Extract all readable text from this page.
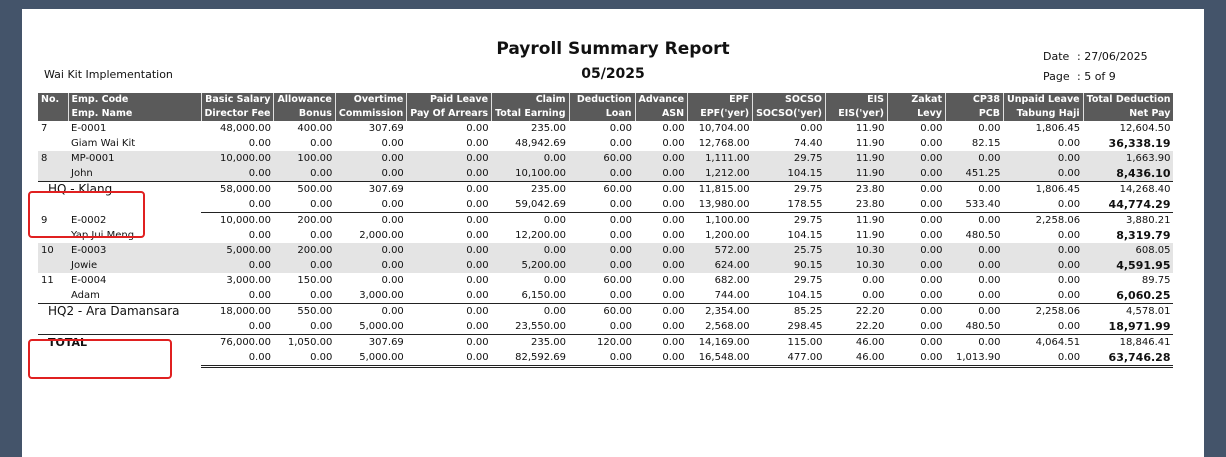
Payroll Summary Report
05/2025
Wai Kit Implementation
Date : 27/06/2025
Page : 5 of 9
No.	Emp. Code	Basic Salary	Allowance	Overtime	Paid Leave	Claim	Deduction	Advance	EPF	SOCSO	EIS	Zakat	CP38	Unpaid Leave	Total Deduction
	Emp. Name	Director Fee	Bonus	Commission	Pay Of Arrears	Total Earning	Loan	ASN	EPF('yer)	SOCSO('yer)	EIS('yer)	Levy	PCB	Tabung Haji	Net Pay
7	E-0001	48,000.00	400.00	307.69	0.00	235.00	0.00	0.00	10,704.00	0.00	11.90	0.00	0.00	1,806.45	12,604.50
	Giam Wai Kit	0.00	0.00	0.00	0.00	48,942.69	0.00	0.00	12,768.00	74.40	11.90	0.00	82.15	0.00	36,338.19
8	MP-0001	10,000.00	100.00	0.00	0.00	0.00	60.00	0.00	1,111.00	29.75	11.90	0.00	0.00	0.00	1,663.90
	John	0.00	0.00	0.00	0.00	10,100.00	0.00	0.00	1,212.00	104.15	11.90	0.00	451.25	0.00	8,436.10
HQ - Klang		58,000.00	500.00	307.69	0.00	235.00	60.00	0.00	11,815.00	29.75	23.80	0.00	0.00	1,806.45	14,268.40
		0.00	0.00	0.00	0.00	59,042.69	0.00	0.00	13,980.00	178.55	23.80	0.00	533.40	0.00	44,774.29
9	E-0002	10,000.00	200.00	0.00	0.00	0.00	0.00	0.00	1,100.00	29.75	11.90	0.00	0.00	2,258.06	3,880.21
	Yap Jui Meng	0.00	0.00	2,000.00	0.00	12,200.00	0.00	0.00	1,200.00	104.15	11.90	0.00	480.50	0.00	8,319.79
10	E-0003	5,000.00	200.00	0.00	0.00	0.00	0.00	0.00	572.00	25.75	10.30	0.00	0.00	0.00	608.05
	Jowie	0.00	0.00	0.00	0.00	5,200.00	0.00	0.00	624.00	90.15	10.30	0.00	0.00	0.00	4,591.95
11	E-0004	3,000.00	150.00	0.00	0.00	0.00	60.00	0.00	682.00	29.75	0.00	0.00	0.00	0.00	89.75
	Adam	0.00	0.00	3,000.00	0.00	6,150.00	0.00	0.00	744.00	104.15	0.00	0.00	0.00	0.00	6,060.25
HQ2 - Ara Damansara		18,000.00	550.00	0.00	0.00	0.00	60.00	0.00	2,354.00	85.25	22.20	0.00	0.00	2,258.06	4,578.01
		0.00	0.00	5,000.00	0.00	23,550.00	0.00	0.00	2,568.00	298.45	22.20	0.00	480.50	0.00	18,971.99
TOTAL		76,000.00	1,050.00	307.69	0.00	235.00	120.00	0.00	14,169.00	115.00	46.00	0.00	0.00	4,064.51	18,846.41
		0.00	0.00	5,000.00	0.00	82,592.69	0.00	0.00	16,548.00	477.00	46.00	0.00	1,013.90	0.00	63,746.28
